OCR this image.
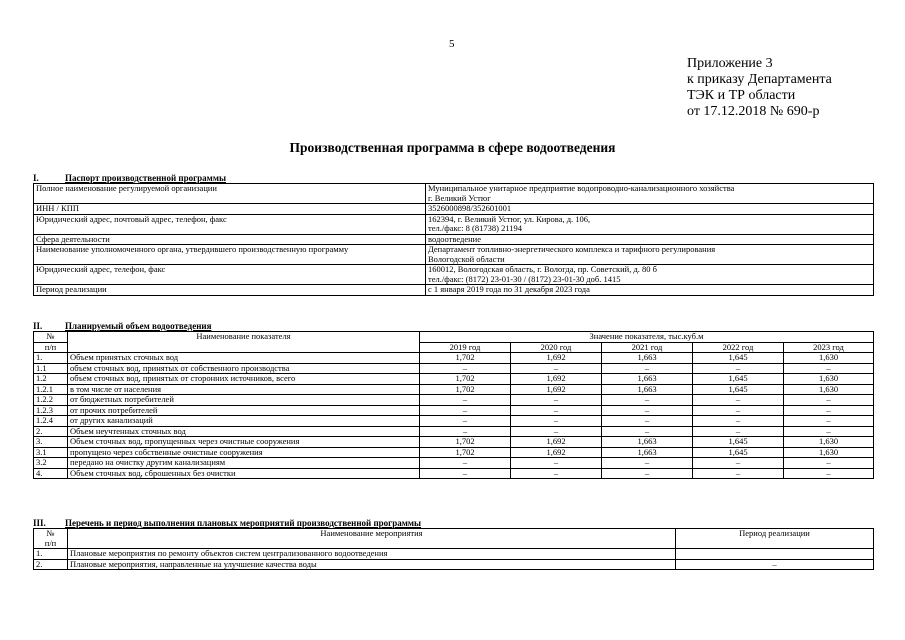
5
Приложение 3
к приказу Департамента
ТЭК и ТР области
от 17.12.2018 № 690-р
Производственная программа в сфере водоотведения
I.	Паспорт производственной программы
Полное наименование регулируемой организации	Муниципальное унитарное предприятие водопроводно-канализационного хозяйства
г. Великий Устюг

ИНН / КПП	3526000898/352601001

Юридический адрес, почтовый адрес, телефон, факс	162394, г. Великий Устюг, ул. Кирова, д. 106,
тел./факс: 8 (81738) 21194

Сфера деятельности	водоотведение

Наименование уполномоченного органа, утвердившего производственную программу	Департамент топливно-энергетического комплекса и тарифного регулирования
Вологодской области

Юридический адрес, телефон, факс	160012, Вологодская область, г. Вологда, пр. Советский, д. 80 б
тел./факс: (8172) 23-01-30 / (8172) 23-01-30 доб. 1415

Период реализации	с 1 января 2019 года по 31 декабря 2023 года
II.	Планируемый объем водоотведения
№	Наименование показателя	Значение показателя, тыс.куб.м				
п/п		2019 год	2020 год	2021 год	2022 год	2023 год
1.	Объем принятых сточных вод	1,702	1,692	1,663	1,645	1,630
1.1	объем сточных вод, принятых от собственного производства	–	–	–	–	–
1.2	объем сточных вод, принятых от сторонних источников, всего	1,702	1,692	1,663	1,645	1,630
1.2.1	в том числе от населения	1,702	1,692	1,663	1,645	1,630
1.2.2	от бюджетных потребителей	–	–	–	–	–
1.2.3	от прочих потребителей	–	–	–	–	–
1.2.4	от других канализаций	–	–	–	–	–
2.	Объем неучтенных сточных вод	–	–	–	–	–
3.	Объем сточных вод, пропущенных через очистные сооружения	1,702	1,692	1,663	1,645	1,630
3.1	пропущено через собственные очистные сооружения	1,702	1,692	1,663	1,645	1,630
3.2	передано на очистку другим канализациям	–	–	–	–	–
4.	Объем сточных вод, сброшенных без очистки	–	–	–	–	–
III. Перечень и период выполнения плановых мероприятий производственной программы
№
п/п	Наименование мероприятия	Период реализации
1.	Плановые мероприятия по ремонту объектов систем централизованного водоотведения	
2.	Плановые мероприятия, направленные на улучшение качества воды	–
